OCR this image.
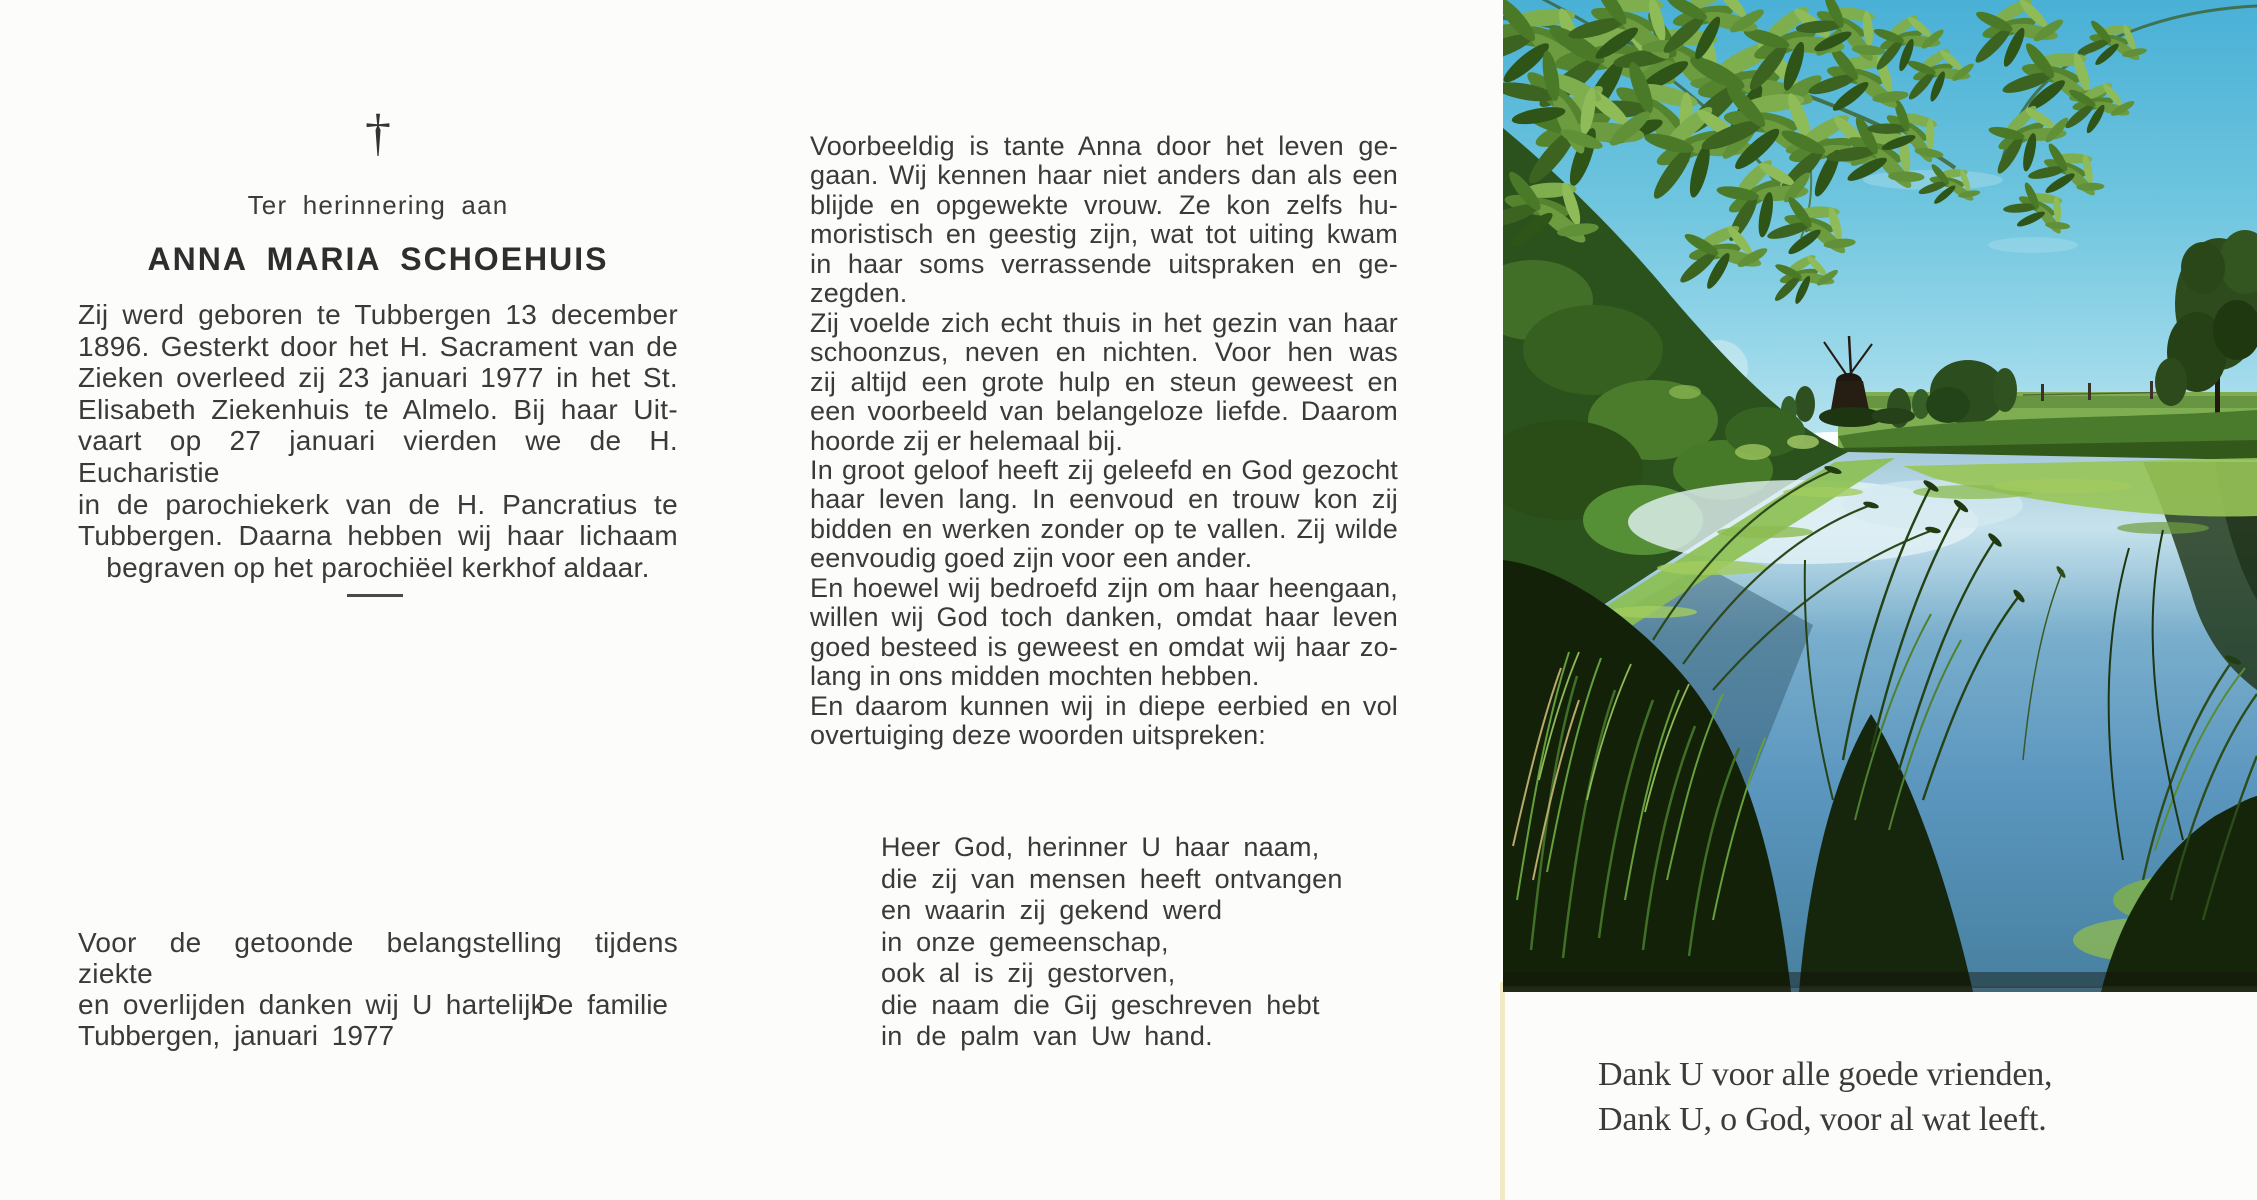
†
Ter herinnering aan
ANNA MARIA SCHOEHUIS
Zij werd geboren te Tubbergen 13 december
1896. Gesterkt door het H. Sacrament van de
Zieken overleed zij 23 januari 1977 in het St.
Elisabeth Ziekenhuis te Almelo. Bij haar Uit-
vaart op 27 januari vierden we de H. Eucharistie
in de parochiekerk van de H. Pancratius te
Tubbergen. Daarna hebben wij haar lichaam
begraven op het parochiëel kerkhof aldaar.
Voor de getoonde belangstelling tijdens ziekte
en overlijden danken wij U hartelijk.
De familie
Tubbergen, januari 1977
Voorbeeldig is tante Anna door het leven ge-
gaan. Wij kennen haar niet anders dan als een
blijde en opgewekte vrouw. Ze kon zelfs hu-
moristisch en geestig zijn, wat tot uiting kwam
in haar soms verrassende uitspraken en ge-
zegden.
Zij voelde zich echt thuis in het gezin van haar
schoonzus, neven en nichten. Voor hen was
zij altijd een grote hulp en steun geweest en
een voorbeeld van belangeloze liefde. Daarom
hoorde zij er helemaal bij.
In groot geloof heeft zij geleefd en God gezocht
haar leven lang. In eenvoud en trouw kon zij
bidden en werken zonder op te vallen. Zij wilde
eenvoudig goed zijn voor een ander.
En hoewel wij bedroefd zijn om haar heengaan,
willen wij God toch danken, omdat haar leven
goed besteed is geweest en omdat wij haar zo-
lang in ons midden mochten hebben.
En daarom kunnen wij in diepe eerbied en vol
overtuiging deze woorden uitspreken:
Heer God, herinner U haar naam,
die zij van mensen heeft ontvangen
en waarin zij gekend werd
in onze gemeenschap,
ook al is zij gestorven,
die naam die Gij geschreven hebt
in de palm van Uw hand.
Dank U voor alle goede vrienden,
Dank U, o God, voor al wat leeft.
